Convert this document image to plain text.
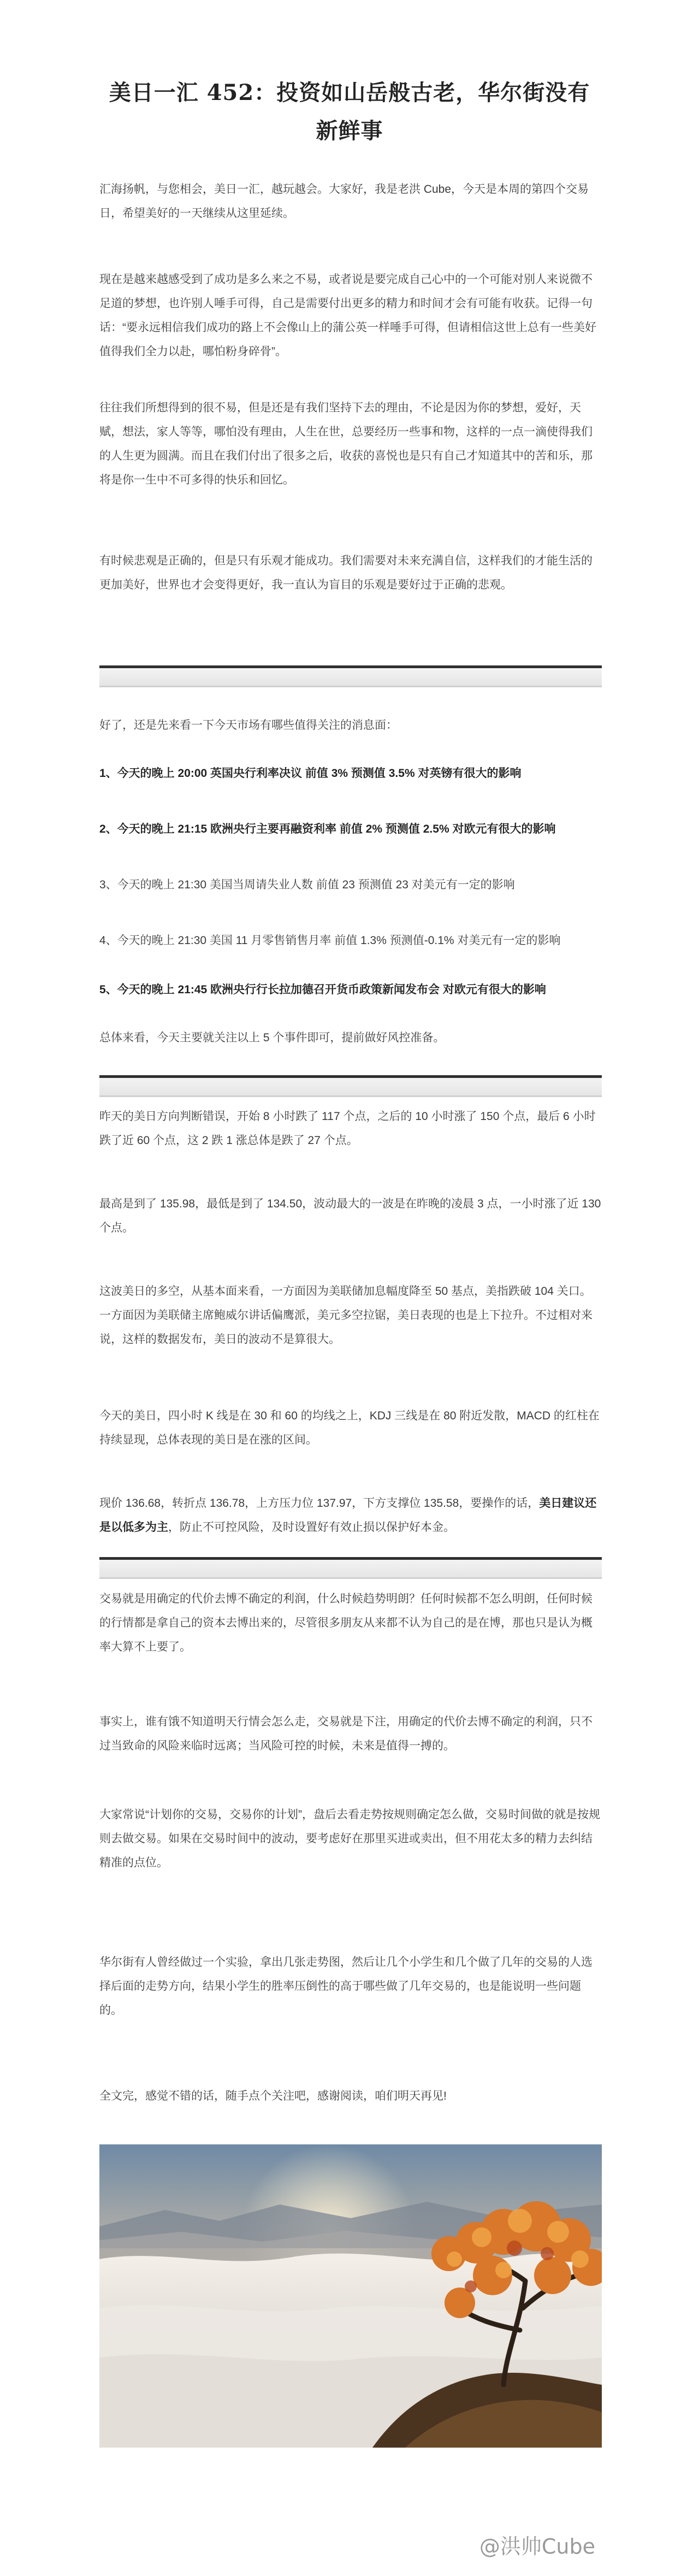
美日一汇 452：投资如山岳般古老，华尔街没有
新鲜事

汇海扬帆，与您相会，美日一汇，越玩越会。大家好，我是老洪 Cube，今天是本周的第四个交易日，希望美好的一天继续从这里延续。

现在是越来越感受到了成功是多么来之不易，或者说是要完成自己心中的一个可能对别人来说微不足道的梦想，也许别人唾手可得，自己是需要付出更多的精力和时间才会有可能有收获。记得一句话：“要永远相信我们成功的路上不会像山上的蒲公英一样唾手可得，但请相信这世上总有一些美好值得我们全力以赴，哪怕粉身碎骨”。

往往我们所想得到的很不易，但是还是有我们坚持下去的理由，不论是因为你的梦想，爱好，天赋，想法，家人等等，哪怕没有理由，人生在世，总要经历一些事和物，这样的一点一滴使得我们的人生更为圆满。而且在我们付出了很多之后，收获的喜悦也是只有自己才知道其中的苦和乐，那将是你一生中不可多得的快乐和回忆。

有时候悲观是正确的，但是只有乐观才能成功。我们需要对未来充满自信，这样我们的才能生活的更加美好，世界也才会变得更好，我一直认为盲目的乐观是要好过于正确的悲观。

好了，还是先来看一下今天市场有哪些值得关注的消息面：

1、今天的晚上 20:00 英国央行利率决议 前值 3% 预测值 3.5% 对英镑有很大的影响

2、今天的晚上 21:15 欧洲央行主要再融资利率 前值 2% 预测值 2.5% 对欧元有很大的影响

3、今天的晚上 21:30 美国当周请失业人数 前值 23 预测值 23 对美元有一定的影响

4、今天的晚上 21:30 美国 11 月零售销售月率 前值 1.3% 预测值-0.1% 对美元有一定的影响

5、今天的晚上 21:45 欧洲央行行长拉加德召开货币政策新闻发布会 对欧元有很大的影响

总体来看，今天主要就关注以上 5 个事件即可，提前做好风控准备。

昨天的美日方向判断错误，开始 8 小时跌了 117 个点，之后的 10 小时涨了 150 个点，最后 6 小时跌了近 60 个点，这 2 跌 1 涨总体是跌了 27 个点。

最高是到了 135.98，最低是到了 134.50，波动最大的一波是在昨晚的凌晨 3 点，一小时涨了近 130 个点。

这波美日的多空，从基本面来看，一方面因为美联储加息幅度降至 50 基点，美指跌破 104 关口。一方面因为美联储主席鲍威尔讲话偏鹰派，美元多空拉锯，美日表现的也是上下拉升。不过相对来说，这样的数据发布，美日的波动不是算很大。

今天的美日，四小时 K 线是在 30 和 60 的均线之上，KDJ 三线是在 80 附近发散，MACD 的红柱在持续显现，总体表现的美日是在涨的区间。

现价 136.68，转折点 136.78，上方压力位 137.97，下方支撑位 135.58，要操作的话，美日建议还是以低多为主，防止不可控风险，及时设置好有效止损以保护好本金。

交易就是用确定的代价去博不确定的利润，什么时候趋势明朗？任何时候都不怎么明朗，任何时候的行情都是拿自己的资本去博出来的，尽管很多朋友从来都不认为自己的是在博，那也只是认为概率大算不上要了。

事实上，谁有饿不知道明天行情会怎么走，交易就是下注，用确定的代价去博不确定的利润，只不过当致命的风险来临时远离；当风险可控的时候，未来是值得一搏的。

大家常说“计划你的交易，交易你的计划”，盘后去看走势按规则确定怎么做，交易时间做的就是按规则去做交易。如果在交易时间中的波动，要考虑好在那里买进或卖出，但不用花太多的精力去纠结精准的点位。

华尔街有人曾经做过一个实验，拿出几张走势图，然后让几个小学生和几个做了几年的交易的人选择后面的走势方向，结果小学生的胜率压倒性的高于哪些做了几年交易的，也是能说明一些问题的。

全文完，感觉不错的话，随手点个关注吧，感谢阅读，咱们明天再见!

@洪帅Cube
